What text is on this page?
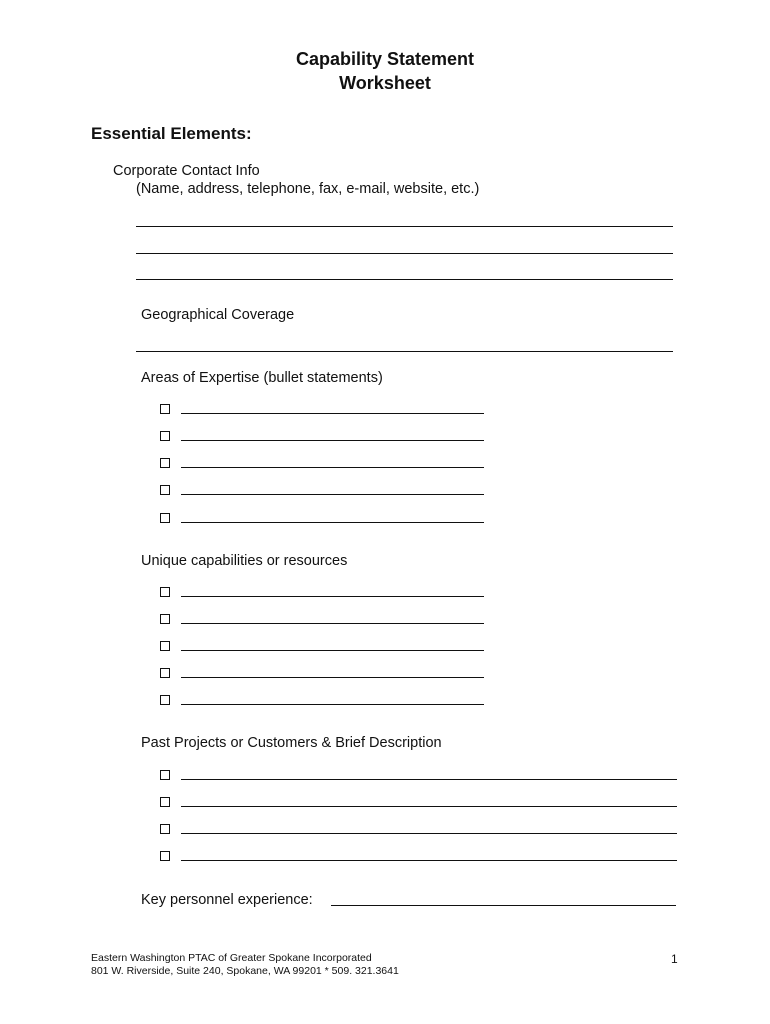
Capability Statement
Worksheet
Essential Elements:
Corporate Contact Info
(Name, address, telephone, fax, e-mail, website, etc.)
Geographical Coverage
Areas of Expertise (bullet statements)
Unique capabilities or resources
Past Projects or Customers & Brief Description
Key personnel experience:
Eastern Washington PTAC of Greater Spokane Incorporated
801 W. Riverside, Suite 240, Spokane, WA 99201 * 509. 321.3641
1
